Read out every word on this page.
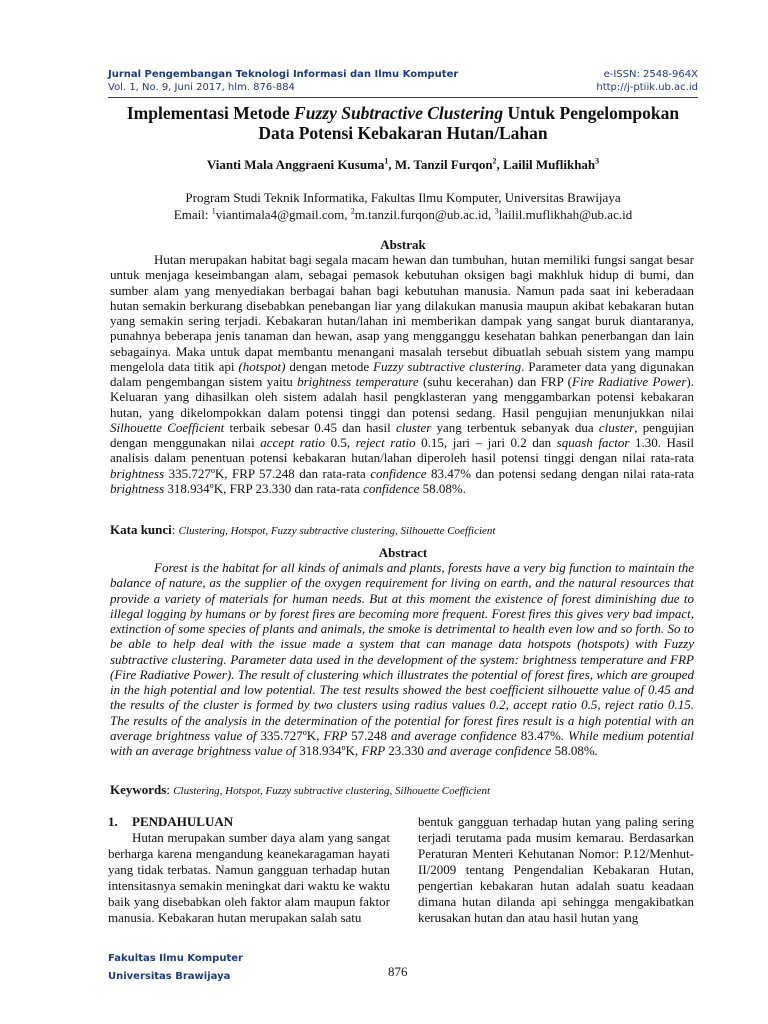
Jurnal Pengembangan Teknologi Informasi dan Ilmu Komputer	e-ISSN: 2548-964X
Vol. 1, No. 9, Juni 2017, hlm. 876-884	http://j-ptiik.ub.ac.id
Implementasi Metode Fuzzy Subtractive Clustering Untuk Pengelompokan
Data Potensi Kebakaran Hutan/Lahan
Vianti Mala Anggraeni Kusuma$^1$, M. Tanzil Furqon$^2$, Lailil Muflikhah$^3$
Program Studi Teknik Informatika, Fakultas Ilmu Komputer, Universitas Brawijaya
Email: $^1$viantimala4@gmail.com, $^2$m.tanzil.furqon@ub.ac.id, $^3$lailil.muflikhah@ub.ac.id
Abstrak
Hutan merupakan habitat bagi segala macam hewan dan tumbuhan, hutan memiliki fungsi sangat besar untuk menjaga keseimbangan alam, sebagai pemasok kebutuhan oksigen bagi makhluk hidup di bumi, dan sumber alam yang menyediakan berbagai bahan bagi kebutuhan manusia. Namun pada saat ini keberadaan hutan semakin berkurang disebabkan penebangan liar yang dilakukan manusia maupun akibat kebakaran hutan yang semakin sering terjadi. Kebakaran hutan/lahan ini memberikan dampak yang sangat buruk diantaranya, punahnya beberapa jenis tanaman dan hewan, asap yang mengganggu kesehatan bahkan penerbangan dan lain sebagainya. Maka untuk dapat membantu menangani masalah tersebut dibuatlah sebuah sistem yang mampu mengelola data titik api (hotspot) dengan metode Fuzzy subtractive clustering. Parameter data yang digunakan dalam pengembangan sistem yaitu brightness temperature (suhu kecerahan) dan FRP (Fire Radiative Power). Keluaran yang dihasilkan oleh sistem adalah hasil pengklasteran yang menggambarkan potensi kebakaran hutan, yang dikelompokkan dalam potensi tinggi dan potensi sedang. Hasil pengujian menunjukkan nilai Silhouette Coefficient terbaik sebesar 0.45 dan hasil cluster yang terbentuk sebanyak dua cluster, pengujian dengan menggunakan nilai accept ratio 0.5, reject ratio 0.15, jari – jari 0.2 dan squash factor 1.30. Hasil analisis dalam penentuan potensi kebakaran hutan/lahan diperoleh hasil potensi tinggi dengan nilai rata-rata brightness 335.727ºK, FRP 57.248 dan rata-rata confidence 83.47% dan potensi sedang dengan nilai rata-rata brightness 318.934ºK, FRP 23.330 dan rata-rata confidence 58.08%.
Kata kunci: Clustering, Hotspot, Fuzzy subtractive clustering, Silhouette Coefficient
Abstract
Forest is the habitat for all kinds of animals and plants, forests have a very big function to maintain the balance of nature, as the supplier of the oxygen requirement for living on earth, and the natural resources that provide a variety of materials for human needs. But at this moment the existence of forest diminishing due to illegal logging by humans or by forest fires are becoming more frequent. Forest fires this gives very bad impact, extinction of some species of plants and animals, the smoke is detrimental to health even low and so forth. So to be able to help deal with the issue made a system that can manage data hotspots (hotspots) with Fuzzy subtractive clustering. Parameter data used in the development of the system: brightness temperature and FRP (Fire Radiative Power). The result of clustering which illustrates the potential of forest fires, which are grouped in the high potential and low potential. The test results showed the best coefficient silhouette value of 0.45 and the results of the cluster is formed by two clusters using radius values 0.2, accept ratio 0.5, reject ratio 0.15. The results of the analysis in the determination of the potential for forest fires result is a high potential with an average brightness value of 335.727ºK, FRP 57.248 and average confidence 83.47%. While medium potential with an average brightness value of 318.934ºK, FRP 23.330 and average confidence 58.08%.
Keywords: Clustering, Hotspot, Fuzzy subtractive clustering, Silhouette Coefficient
1. PENDAHULUAN

Hutan merupakan sumber daya alam yang sangat berharga karena mengandung keanekaragaman hayati yang tidak terbatas. Namun gangguan terhadap hutan intensitasnya semakin meningkat dari waktu ke waktu baik yang disebabkan oleh faktor alam maupun faktor manusia. Kebakaran hutan merupakan salah satu

bentuk gangguan terhadap hutan yang paling sering terjadi terutama pada musim kemarau. Berdasarkan Peraturan Menteri Kehutanan Nomor: P.12/Menhut-II/2009 tentang Pengendalian Kebakaran Hutan, pengertian kebakaran hutan adalah suatu keadaan dimana hutan dilanda api sehingga mengakibatkan kerusakan hutan dan atau hasil hutan yang

Fakultas Ilmu Komputer
Universitas Brawijaya	876
